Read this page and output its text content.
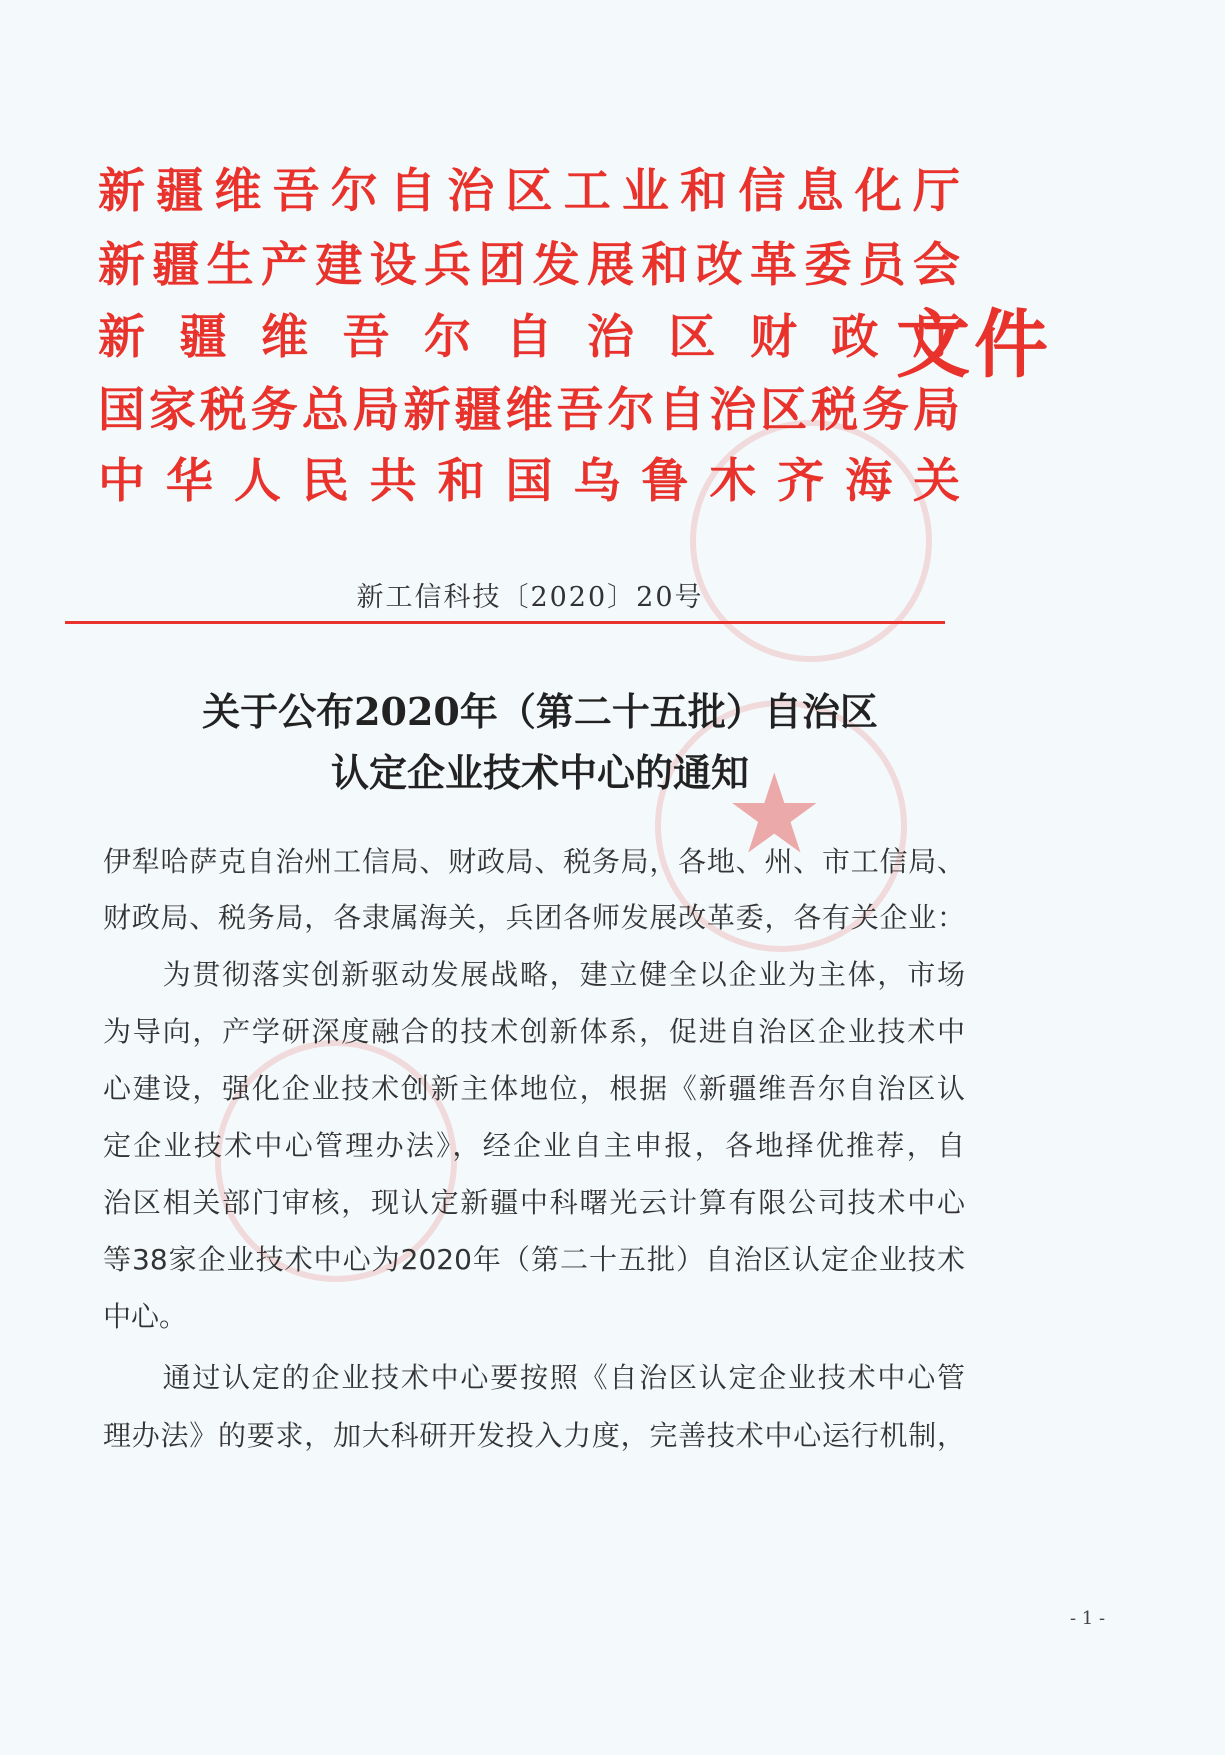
★
新疆维吾尔自治区工业和信息化厅
新疆生产建设兵团发展和改革委员会
新疆维吾尔自治区财政厅
国家税务总局新疆维吾尔自治区税务局
中华人民共和国乌鲁木齐海关
文件
新工信科技〔2020〕20号
关于公布2020年（第二十五批）自治区
认定企业技术中心的通知
伊犁哈萨克自治州工信局、财政局、税务局，各地、州、市工信局、
财政局、税务局，各隶属海关，兵团各师发展改革委，各有关企业：
　　为贯彻落实创新驱动发展战略，建立健全以企业为主体，市场
为导向，产学研深度融合的技术创新体系，促进自治区企业技术中
心建设，强化企业技术创新主体地位，根据《新疆维吾尔自治区认
定企业技术中心管理办法》，经企业自主申报，各地择优推荐，自
治区相关部门审核，现认定新疆中科曙光云计算有限公司技术中心
等38家企业技术中心为2020年（第二十五批）自治区认定企业技术
中心。
　　通过认定的企业技术中心要按照《自治区认定企业技术中心管
理办法》的要求，加大科研开发投入力度，完善技术中心运行机制，
- 1 -
